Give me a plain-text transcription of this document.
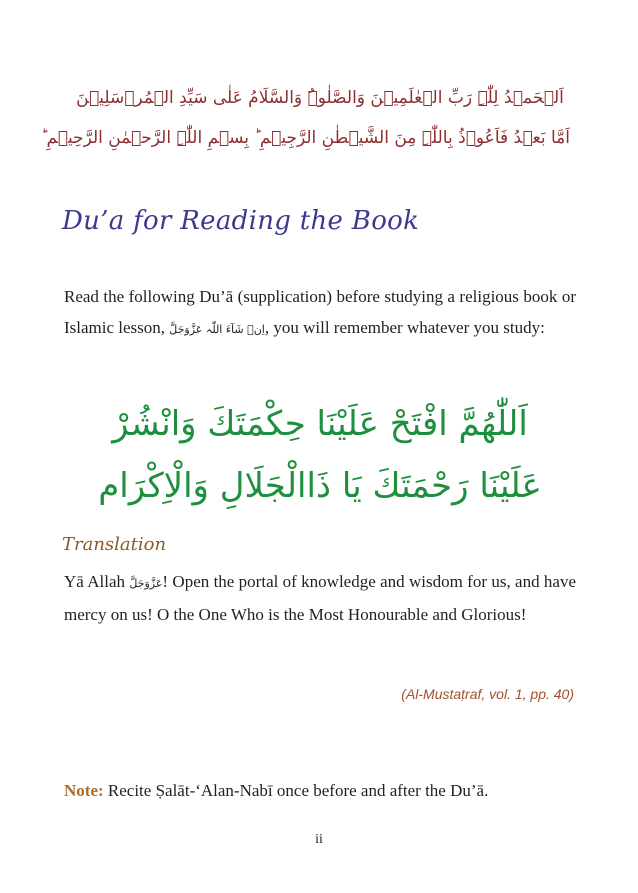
اَلۡحَمۡدُ لِلّٰہِ رَبِّ الۡعٰلَمِیۡنَ وَالصَّلٰوۃُ وَالسَّلَامُ عَلٰی سَیِّدِ الۡمُرۡسَلِیۡنَ
اَمَّا بَعۡدُ فَاَعُوۡذُ بِاللّٰہِ مِنَ الشَّیۡطٰنِ الرَّجِیۡمِ ؕ بِسۡمِ اللّٰہِ الرَّحۡمٰنِ الرَّحِیۡمِ ؕ
Du’a for Reading the Book

Read the following Du’ā (supplication) before studying a religious book or Islamic lesson, اِنۡ شَآءَ اللّٰہ عَزَّوَجَلَّ, you will remember whatever you study:

اَللّٰهُمَّ افْتَحْ عَلَيْنَا حِكْمَتَكَ وَانْشُرْ
عَلَيْنَا رَحْمَتَكَ يَا ذَاالْجَلَالِ وَالْاِكْرَام
Translation

Yā Allah عَزَّوَجَلَّ! Open the portal of knowledge and wisdom for us, and have mercy on us! O the One Who is the Most Honourable and Glorious!

(Al-Mustaṭraf, vol. 1, pp. 40)

Note: Recite Ṣalāt-‘Alan-Nabī once before and after the Du’ā.

ii
